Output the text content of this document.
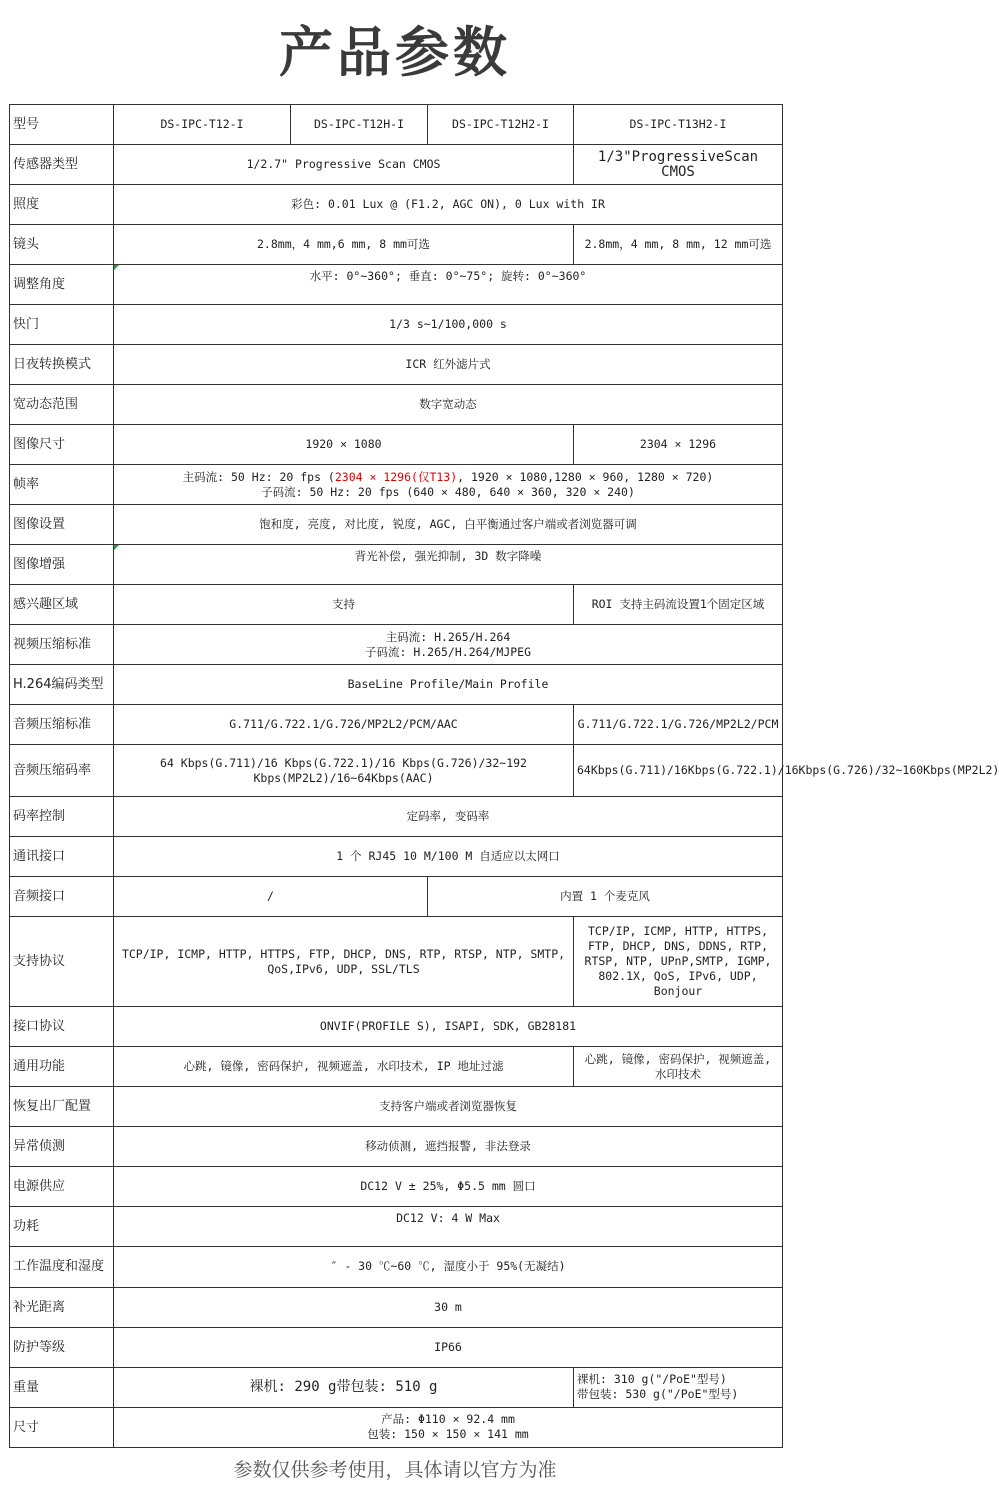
产品参数
型号	DS-IPC-T12-I	DS-IPC-T12H-I	DS-IPC-T12H2-I	DS-IPC-T13H2-I
传感器类型	1/2.7" Progressive Scan CMOS			1/3"ProgressiveScan CMOS
照度	彩色: 0.01 Lux @ (F1.2, AGC ON), 0 Lux with IR			
镜头	2.8mm，4 mm,6 mm, 8 mm可选			2.8mm，4 mm, 8 mm, 12 mm可选
调整角度	水平: 0°~360°; 垂直: 0°~75°; 旋转: 0°~360°			
快门	1/3 s~1/100,000 s			
日夜转换模式	ICR 红外滤片式			
宽动态范围	数字宽动态			
图像尺寸	1920 × 1080			2304 × 1296
帧率	主码流: 50 Hz: 20 fps (2304 × 1296(仅T13), 1920 × 1080,1280 × 960, 1280 × 720)
子码流: 50 Hz: 20 fps (640 × 480, 640 × 360, 320 × 240)			

图像设置	饱和度, 亮度, 对比度, 锐度, AGC, 白平衡通过客户端或者浏览器可调			
图像增强	背光补偿, 强光抑制, 3D 数字降噪			
感兴趣区域	支持			ROI 支持主码流设置1个固定区域
视频压缩标准	主码流: H.265/H.264
子码流: H.265/H.264/MJPEG			

H.264编码类型	BaseLine Profile/Main Profile			
音频压缩标准	G.711/G.722.1/G.726/MP2L2/PCM/AAC			G.711/G.722.1/G.726/MP2L2/PCM
音频压缩码率	64 Kbps(G.711)/16 Kbps(G.722.1)/16 Kbps(G.726)/32~192 Kbps(MP2L2)/16~64Kbps(AAC)			64Kbps(G.711)/16Kbps(G.722.1)/16Kbps(G.726)/32~160Kbps(MP2L2)
码率控制	定码率, 变码率			
通讯接口	1 个 RJ45 10 M/100 M 自适应以太网口			
音频接口	/		内置 1 个麦克风	
支持协议	TCP/IP, ICMP, HTTP, HTTPS, FTP, DHCP, DNS, RTP, RTSP, NTP, SMTP, QoS,IPv6, UDP, SSL/TLS			TCP/IP, ICMP, HTTP, HTTPS, FTP, DHCP, DNS, DDNS, RTP, RTSP, NTP, UPnP,SMTP, IGMP, 802.1X, QoS, IPv6, UDP, Bonjour
接口协议	ONVIF(PROFILE S), ISAPI, SDK, GB28181			
通用功能	心跳, 镜像, 密码保护, 视频遮盖, 水印技术, IP 地址过滤			心跳, 镜像, 密码保护, 视频遮盖, 水印技术
恢复出厂配置	支持客户端或者浏览器恢复			
异常侦测	移动侦测, 遮挡报警, 非法登录			
电源供应	DC12 V ± 25%, Φ5.5 mm 圆口			
功耗	DC12 V: 4 W Max			
工作温度和湿度	″ - 30 ℃~60 ℃, 湿度小于 95%(无凝结)			
补光距离	30 m			
防护等级	IP66			
重量	裸机: 290 g带包装: 510 g			裸机: 310 g("/PoE"型号)
带包装: 530 g("/PoE"型号)

尺寸	产品: Φ110 × 92.4 mm
包装: 150 × 150 × 141 mm			
参数仅供参考使用，具体请以官方为准
